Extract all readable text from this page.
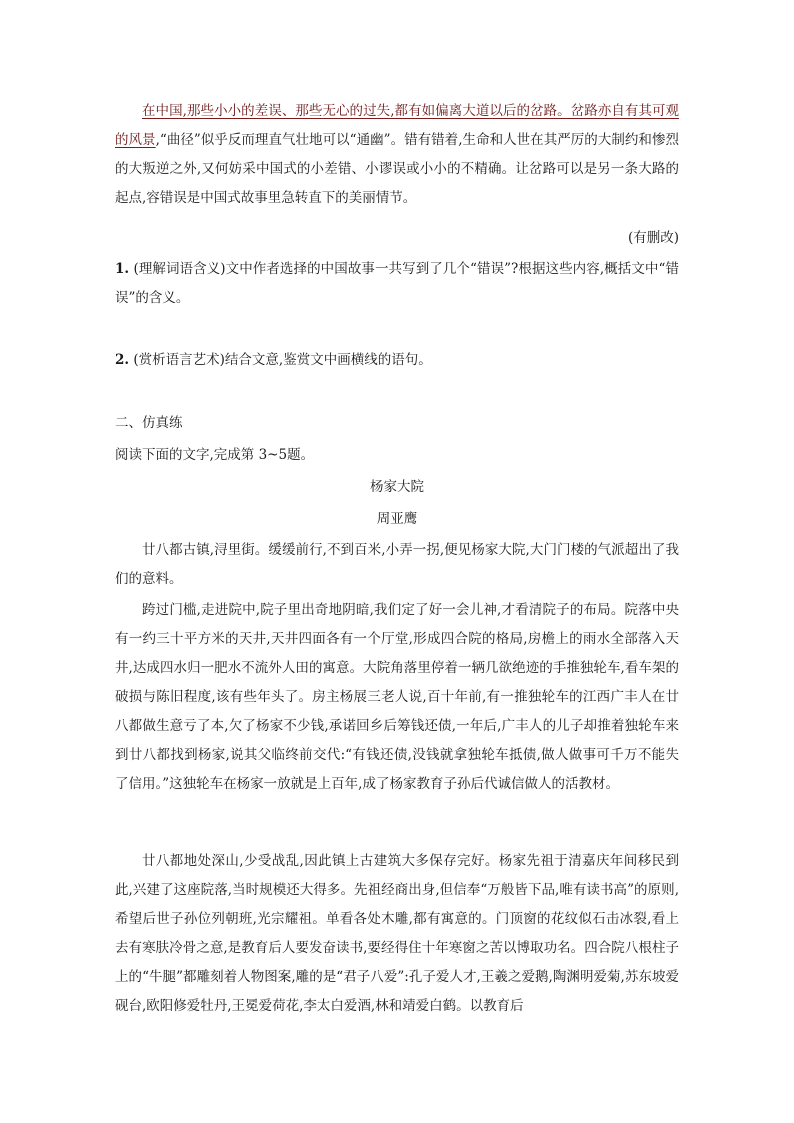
在中国,那些小小的差误、那些无心的过失,都有如偏离大道以后的岔路。岔路亦自有其可观的风景,“曲径”似乎反而理直气壮地可以“通幽”。错有错着,生命和人世在其严厉的大制约和惨烈的大叛逆之外,又何妨采中国式的小差错、小谬误或小小的不精确。让岔路可以是另一条大路的起点,容错误是中国式故事里急转直下的美丽情节。

(有删改)

1. (理解词语含义)文中作者选择的中国故事一共写到了几个“错误”?根据这些内容,概括文中“错误”的含义。

2. (赏析语言艺术)结合文意,鉴赏文中画横线的语句。

二、仿真练

阅读下面的文字,完成第 3~5题。

杨家大院
周亚鹰

廿八都古镇,浔里街。缓缓前行,不到百米,小弄一拐,便见杨家大院,大门门楼的气派超出了我们的意料。

跨过门槛,走进院中,院子里出奇地阴暗,我们定了好一会儿神,才看清院子的布局。院落中央有一约三十平方米的天井,天井四面各有一个厅堂,形成四合院的格局,房檐上的雨水全部落入天井,达成四水归一肥水不流外人田的寓意。大院角落里停着一辆几欲绝迹的手推独轮车,看车架的破损与陈旧程度,该有些年头了。房主杨展三老人说,百十年前,有一推独轮车的江西广丰人在廿八都做生意亏了本,欠了杨家不少钱,承诺回乡后筹钱还债,一年后,广丰人的儿子却推着独轮车来到廿八都找到杨家,说其父临终前交代:“有钱还债,没钱就拿独轮车抵债,做人做事可千万不能失了信用。”这独轮车在杨家一放就是上百年,成了杨家教育子孙后代诚信做人的活教材。

廿八都地处深山,少受战乱,因此镇上古建筑大多保存完好。杨家先祖于清嘉庆年间移民到此,兴建了这座院落,当时规模还大得多。先祖经商出身,但信奉“万般皆下品,唯有读书高”的原则,希望后世子孙位列朝班,光宗耀祖。单看各处木雕,都有寓意的。门顶窗的花纹似石击冰裂,看上去有寒肤冷骨之意,是教育后人要发奋读书,要经得住十年寒窗之苦以博取功名。四合院八根柱子上的“牛腿”都雕刻着人物图案,雕的是“君子八爱”:孔子爱人才,王羲之爱鹅,陶渊明爱菊,苏东坡爱砚台,欧阳修爱牡丹,王冕爱荷花,李太白爱酒,林和靖爱白鹤。以教育后
